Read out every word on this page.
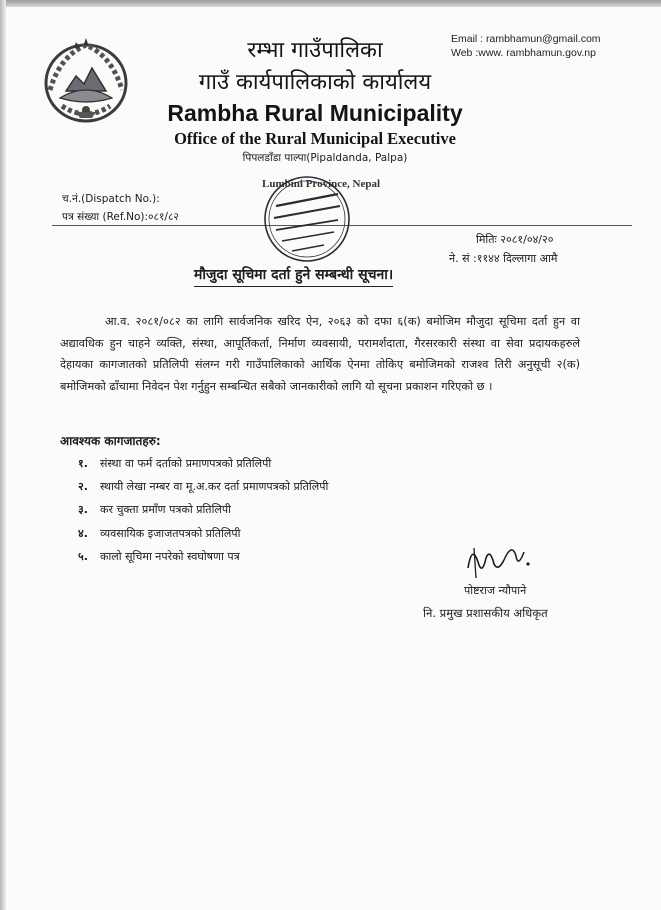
रम्भा गाउँपालिका
गाउँ कार्यपालिकाको कार्यालय
Rambha Rural Municipality
Office of the Rural Municipal Executive
पिपलडाँडा पाल्पा(Pipaldanda, Palpa)
Lumbini Province, Nepal
Email : rambhamun@gmail.com
Web :www. rambhamun.gov.np
च.नं.(Dispatch No.):
पत्र संख्या (Ref.No):०८१/८२
मितिः २०८१/०४/२०
ने. सं :११४४ दिल्लागा आमै
मौजुदा सूचिमा दर्ता हुने सम्बन्धी सूचना।
आ.व. २०८१/०८२ का लागि सार्वजनिक खरिद ऐन, २०६३ को दफा ६(क) बमोजिम मौजुदा सूचिमा दर्ता हुन वा अद्यावधिक हुन चाहने व्यक्ति, संस्था, आपूर्तिकर्ता, निर्माण व्यवसायी, परामर्शदाता, गैरसरकारी संस्था वा सेवा प्रदायकहरुले देहायका कागजातको प्रतिलिपी संलग्न गरी गाउँपालिकाको आर्थिक ऐनमा तोकिए बमोजिमको राजश्व तिरी अनुसूची २(क) बमोजिमको ढाँचामा निवेदन पेश गर्नुहुन सम्बन्धित सबैको जानकारीको लागि यो सूचना प्रकाशन गरिएको छ ।
आवश्यक कागजातहरु:
१. संस्था वा फर्म दर्ताको प्रमाणपत्रको प्रतिलिपी
२. स्थायी लेखा नम्बर वा मू.अ.कर दर्ता प्रमाणपत्रको प्रतिलिपी
३. कर चुक्ता प्रमाँण पत्रको प्रतिलिपी
४. व्यवसायिक इजाजतपत्रको प्रतिलिपी
५. कालो सूचिमा नपरेको स्वघोषणा पत्र
पोष्टराज न्यौपाने
नि. प्रमुख प्रशासकीय अधिकृत
